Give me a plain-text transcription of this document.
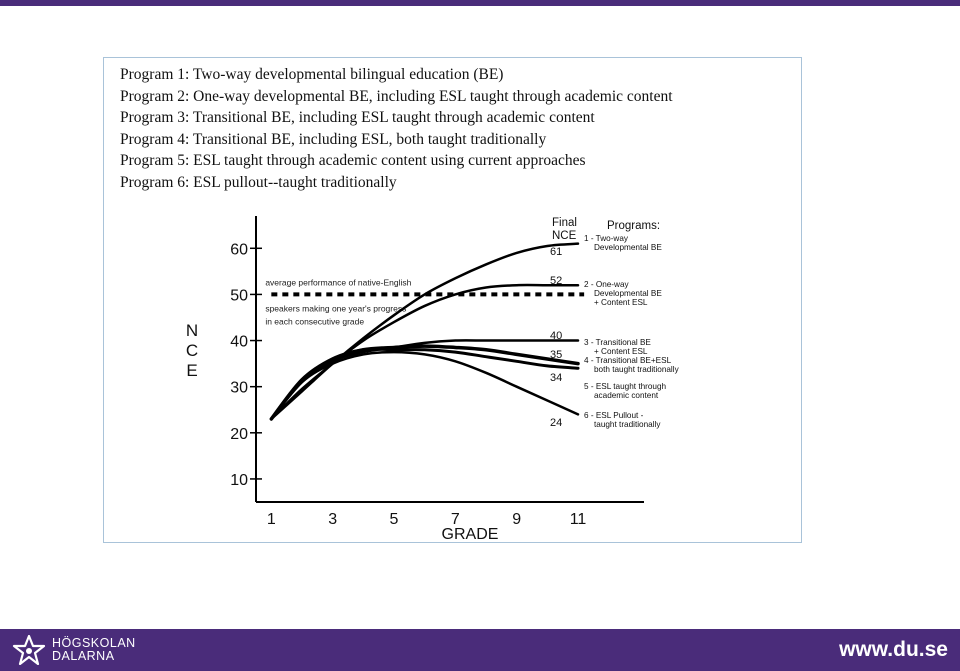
Program 1: Two-way developmental bilingual education (BE)
Program 2: One-way developmental BE, including ESL taught through academic content
Program 3: Transitional BE, including ESL taught through academic content
Program 4: Transitional BE, including ESL, both taught traditionally
Program 5: ESL taught through academic content using current approaches
Program 6: ESL pullout--taught traditionally
10
20
30
40
50
60
1	3	5	7	9	11
GRADE
N
C
E
average performance of native-English
speakers making one year's progress
in each consecutive grade
61
52
40
35
34
24
Final
NCE
Programs:
1 - Two-way
Developmental BE
2 - One-way
Developmental BE
+ Content ESL
3 - Transitional BE
+ Content ESL
4 - Transitional BE+ESL
both taught traditionally
5 - ESL taught through
academic content
6 - ESL Pullout -
taught traditionally
HÖGSKOLAN
DALARNA	www.du.se
